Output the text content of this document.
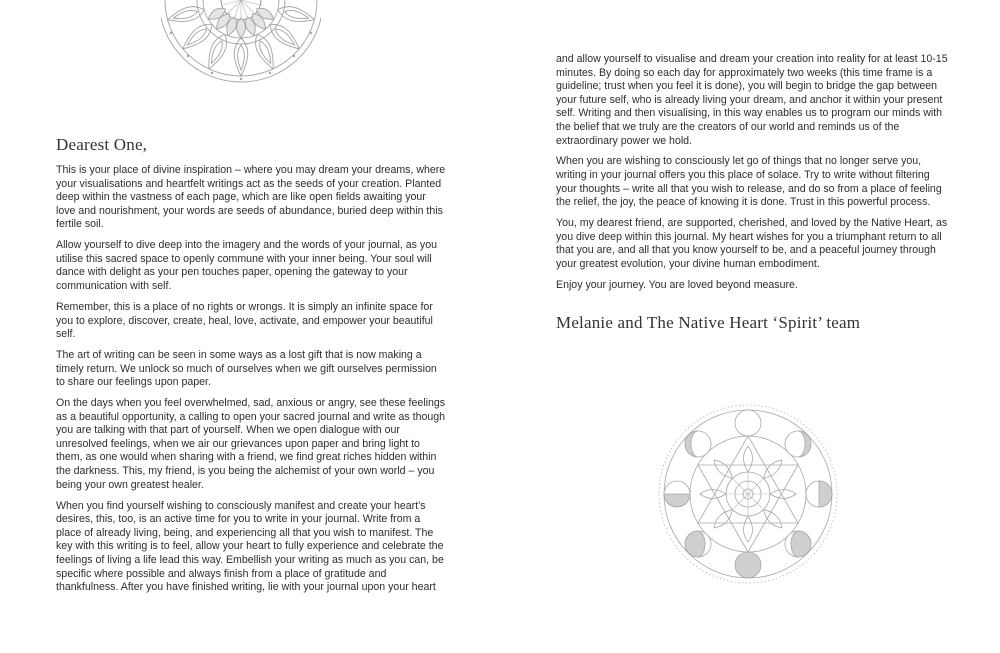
Dearest One,

This is your place of divine inspiration – where you may dream your dreams, where your visualisations and heartfelt writings act as the seeds of your creation. Planted deep within the vastness of each page, which are like open fields awaiting your love and nourishment, your words are seeds of abundance, buried deep within this fertile soil.

Allow yourself to dive deep into the imagery and the words of your journal, as you utilise this sacred space to openly commune with your inner being. Your soul will dance with delight as your pen touches paper, opening the gateway to your communication with self.

Remember, this is a place of no rights or wrongs. It is simply an infinite space for you to explore, discover, create, heal, love, activate, and empower your beautiful self.

The art of writing can be seen in some ways as a lost gift that is now making a timely return. We unlock so much of ourselves when we gift ourselves permission to share our feelings upon paper.

On the days when you feel overwhelmed, sad, anxious or angry, see these feelings as a beautiful opportunity, a calling to open your sacred journal and write as though you are talking with that part of yourself. When we open dialogue with our unresolved feelings, when we air our grievances upon paper and bring light to them, as one would when sharing with a friend, we find great riches hidden within the darkness. This, my friend, is you being the alchemist of your own world – you being your own greatest healer.

When you find yourself wishing to consciously manifest and create your heart’s desires, this, too, is an active time for you to write in your journal. Write from a place of already living, being, and experiencing all that you wish to manifest. The key with this writing is to feel, allow your heart to fully experience and celebrate the feelings of living a life lead this way. Embellish your writing as much as you can, be specific where possible and always finish from a place of gratitude and thankfulness. After you have finished writing, lie with your journal upon your heart

and allow yourself to visualise and dream your creation into reality for at least 10-15 minutes. By doing so each day for approximately two weeks (this time frame is a guideline; trust when you feel it is done), you will begin to bridge the gap between your future self, who is already living your dream, and anchor it within your present self. Writing and then visualising, in this way enables us to program our minds with the belief that we truly are the creators of our world and reminds us of the extraordinary power we hold.

When you are wishing to consciously let go of things that no longer serve you, writing in your journal offers you this place of solace. Try to write without filtering your thoughts – write all that you wish to release, and do so from a place of feeling the relief, the joy, the peace of knowing it is done. Trust in this powerful process.

You, my dearest friend, are supported, cherished, and loved by the Native Heart, as you dive deep within this journal. My heart wishes for you a triumphant return to all that you are, and all that you know yourself to be, and a peaceful journey through your greatest evolution, your divine human embodiment.

Enjoy your journey. You are loved beyond measure.

Melanie and The Native Heart ‘Spirit’ team
